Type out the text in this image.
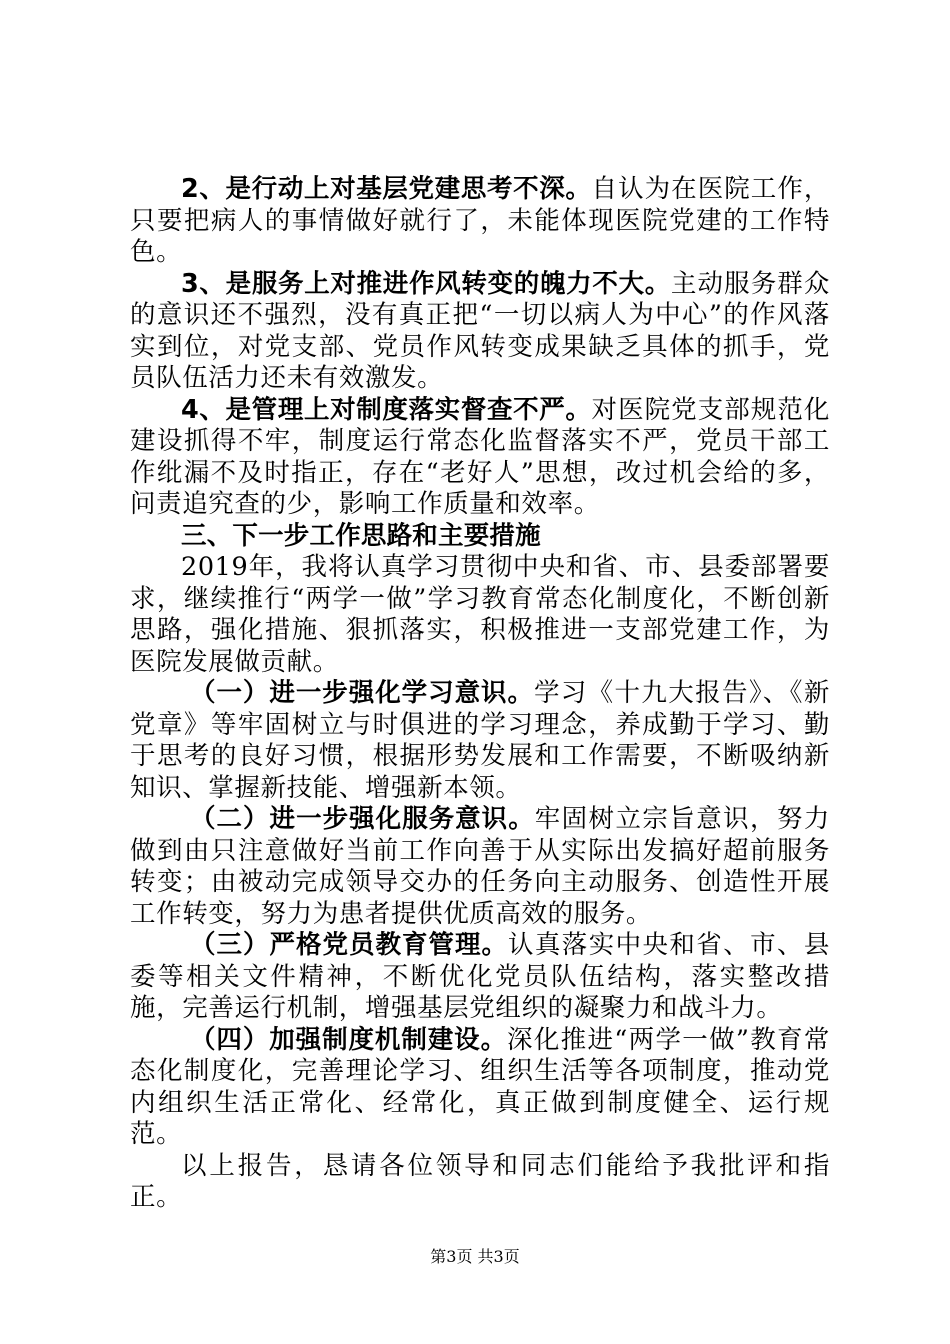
2、是行动上对基层党建思考不深。自认为在医院工作，只要把病人的事情做好就行了，未能体现医院党建的工作特色。

3、是服务上对推进作风转变的魄力不大。主动服务群众的意识还不强烈，没有真正把“一切以病人为中心”的作风落实到位，对党支部、党员作风转变成果缺乏具体的抓手，党员队伍活力还未有效激发。

4、是管理上对制度落实督查不严。对医院党支部规范化建设抓得不牢，制度运行常态化监督落实不严，党员干部工作纰漏不及时指正，存在“老好人”思想，改过机会给的多，问责追究查的少，影响工作质量和效率。

三、下一步工作思路和主要措施

2019年，我将认真学习贯彻中央和省、市、县委部署要求，继续推行“两学一做”学习教育常态化制度化，不断创新思路，强化措施、狠抓落实，积极推进一支部党建工作，为医院发展做贡献。

（一）进一步强化学习意识。学习《十九大报告》、《新党章》等牢固树立与时俱进的学习理念，养成勤于学习、勤于思考的良好习惯，根据形势发展和工作需要，不断吸纳新知识、掌握新技能、增强新本领。

（二）进一步强化服务意识。牢固树立宗旨意识，努力做到由只注意做好当前工作向善于从实际出发搞好超前服务转变；由被动完成领导交办的任务向主动服务、创造性开展工作转变，努力为患者提供优质高效的服务。

（三）严格党员教育管理。认真落实中央和省、市、县委等相关文件精神，不断优化党员队伍结构，落实整改措施，完善运行机制，增强基层党组织的凝聚力和战斗力。

（四）加强制度机制建设。深化推进“两学一做”教育常态化制度化，完善理论学习、组织生活等各项制度，推动党内组织生活正常化、经常化，真正做到制度健全、运行规范。

以上报告，恳请各位领导和同志们能给予我批评和指正。

第3页 共3页
